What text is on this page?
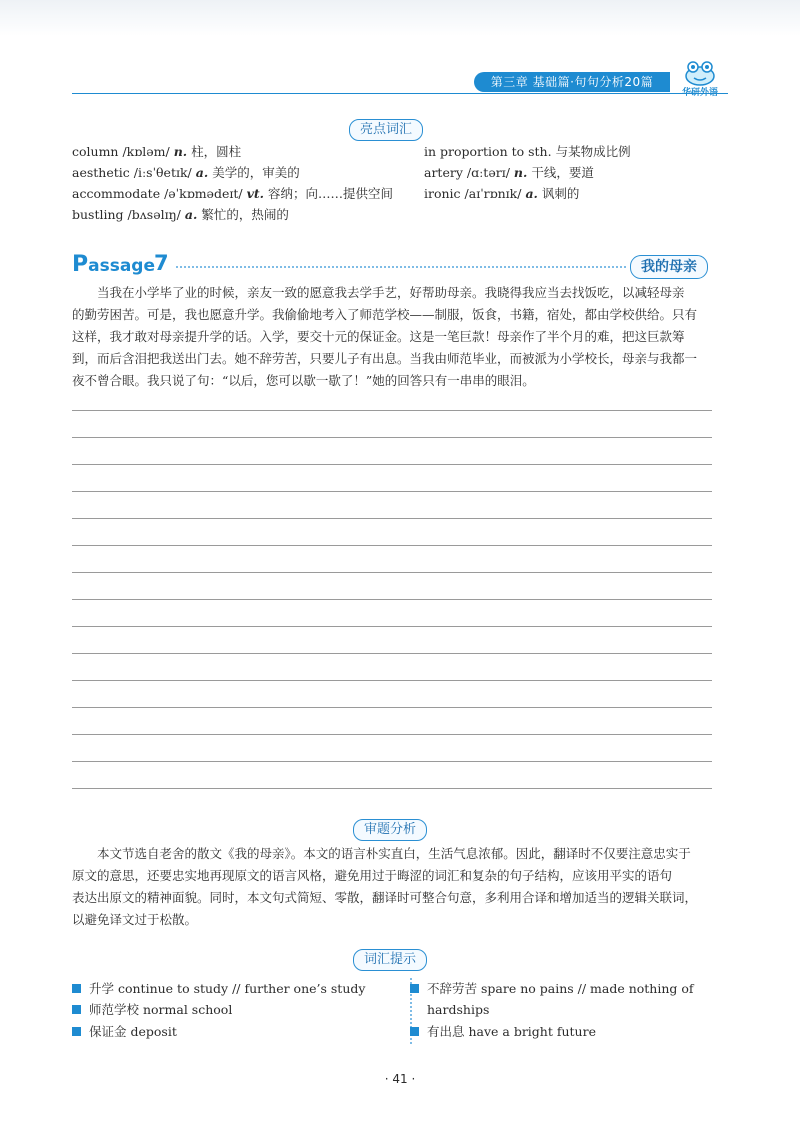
第三章 基础篇·句句分析20篇
华研外语
亮点词汇
column /kɒləm/ n. 柱，圆柱
aesthetic /iːsˈθetɪk/ a. 美学的，审美的
accommodate /əˈkɒmədeɪt/ vt. 容纳；向……提供空间
bustling /bʌsəlɪŋ/ a. 繁忙的，热闹的
in proportion to sth. 与某物成比例
artery /ɑːtərɪ/ n. 干线，要道
ironic /aɪˈrɒnɪk/ a. 讽刺的
Passage
7	我的母亲

当我在小学毕了业的时候，亲友一致的愿意我去学手艺，好帮助母亲。我晓得我应当去找饭吃，以减轻母亲
的勤劳困苦。可是，我也愿意升学。我偷偷地考入了师范学校——制服，饭食，书籍，宿处，都由学校供给。只有
这样，我才敢对母亲提升学的话。入学，要交十元的保证金。这是一笔巨款！母亲作了半个月的难，把这巨款筹
到，而后含泪把我送出门去。她不辞劳苦，只要儿子有出息。当我由师范毕业，而被派为小学校长，母亲与我都一
夜不曾合眼。我只说了句：“以后，您可以歇一歇了！”她的回答只有一串串的眼泪。

审题分析
本文节选自老舍的散文《我的母亲》。本文的语言朴实直白，生活气息浓郁。因此，翻译时不仅要注意忠实于
原文的意思，还要忠实地再现原文的语言风格，避免用过于晦涩的词汇和复杂的句子结构，应该用平实的语句
表达出原文的精神面貌。同时，本文句式简短、零散，翻译时可整合句意，多利用合译和增加适当的逻辑关联词，
以避免译文过于松散。
词汇提示
升学 continue to study // further one’s study
师范学校 normal school
保证金 deposit
不辞劳苦 spare no pains // made nothing of
hardships
有出息 have a bright future
· 41 ·
